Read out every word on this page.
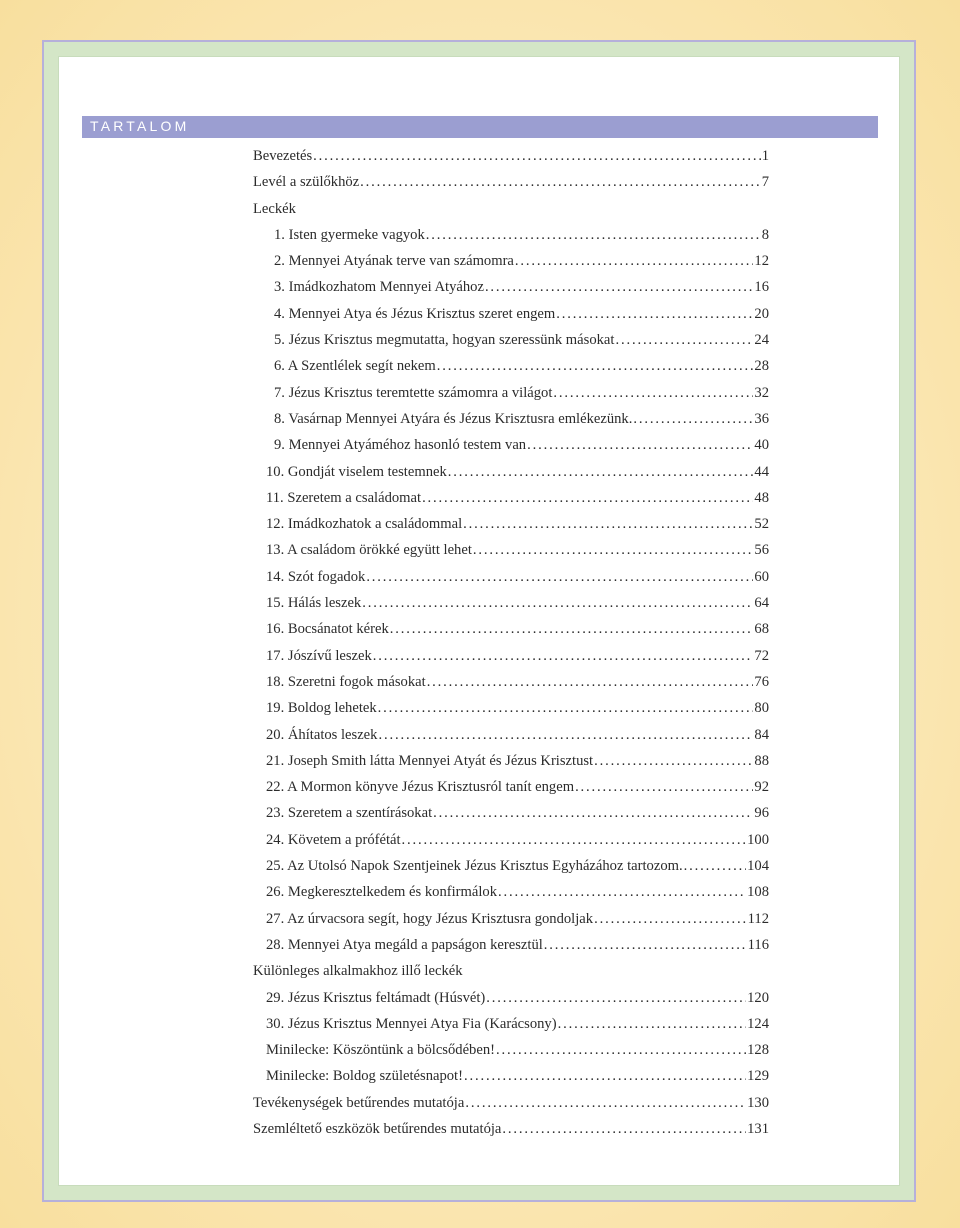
TARTALOM
Bevezetés . . .	1
Levél a szülőkhöz . . .	7
Leckék
1. Isten gyermeke vagyok . . .	8
2. Mennyei Atyának terve van számomra . . .	12
3. Imádkozhatom Mennyei Atyához . . .	16
4. Mennyei Atya és Jézus Krisztus szeret engem . . .	20
5. Jézus Krisztus megmutatta, hogyan szeressünk másokat . . .	24
6. A Szentlélek segít nekem . . .	28
7. Jézus Krisztus teremtette számomra a világot . . .	32
8. Vasárnap Mennyei Atyára és Jézus Krisztusra emlékezünk. . . .	36
9. Mennyei Atyáméhoz hasonló testem van . . .	40
10. Gondját viselem testemnek . . .	44
11. Szeretem a családomat . . .	48
12. Imádkozhatok a családommal . . .	52
13. A családom örökké együtt lehet . . .	56
14. Szót fogadok . . .	60
15. Hálás leszek . . .	64
16. Bocsánatot kérek . . .	68
17. Jószívű leszek . . .	72
18. Szeretni fogok másokat . . .	76
19. Boldog lehetek . . .	80
20. Áhítatos leszek . . .	84
21. Joseph Smith látta Mennyei Atyát és Jézus Krisztust . . .	88
22. A Mormon könyve Jézus Krisztusról tanít engem . . .	92
23. Szeretem a szentírásokat . . .	96
24. Követem a prófétát . . .	100
25. Az Utolsó Napok Szentjeinek Jézus Krisztus Egyházához tartozom. . . .	104
26. Megkeresztelkedem és konfirmálok . . .	108
27. Az úrvacsora segít, hogy Jézus Krisztusra gondoljak . . .	112
28. Mennyei Atya megáld a papságon keresztül . . .	116
Különleges alkalmakhoz illő leckék
29. Jézus Krisztus feltámadt (Húsvét) . . .	120
30. Jézus Krisztus Mennyei Atya Fia (Karácsony) . . .	124
Minilecke: Köszöntünk a bölcsődében! . . .	128
Minilecke: Boldog születésnapot! . . .	129
Tevékenységek betűrendes mutatója . . .	130
Szemléltető eszközök betűrendes mutatója . . .	131
